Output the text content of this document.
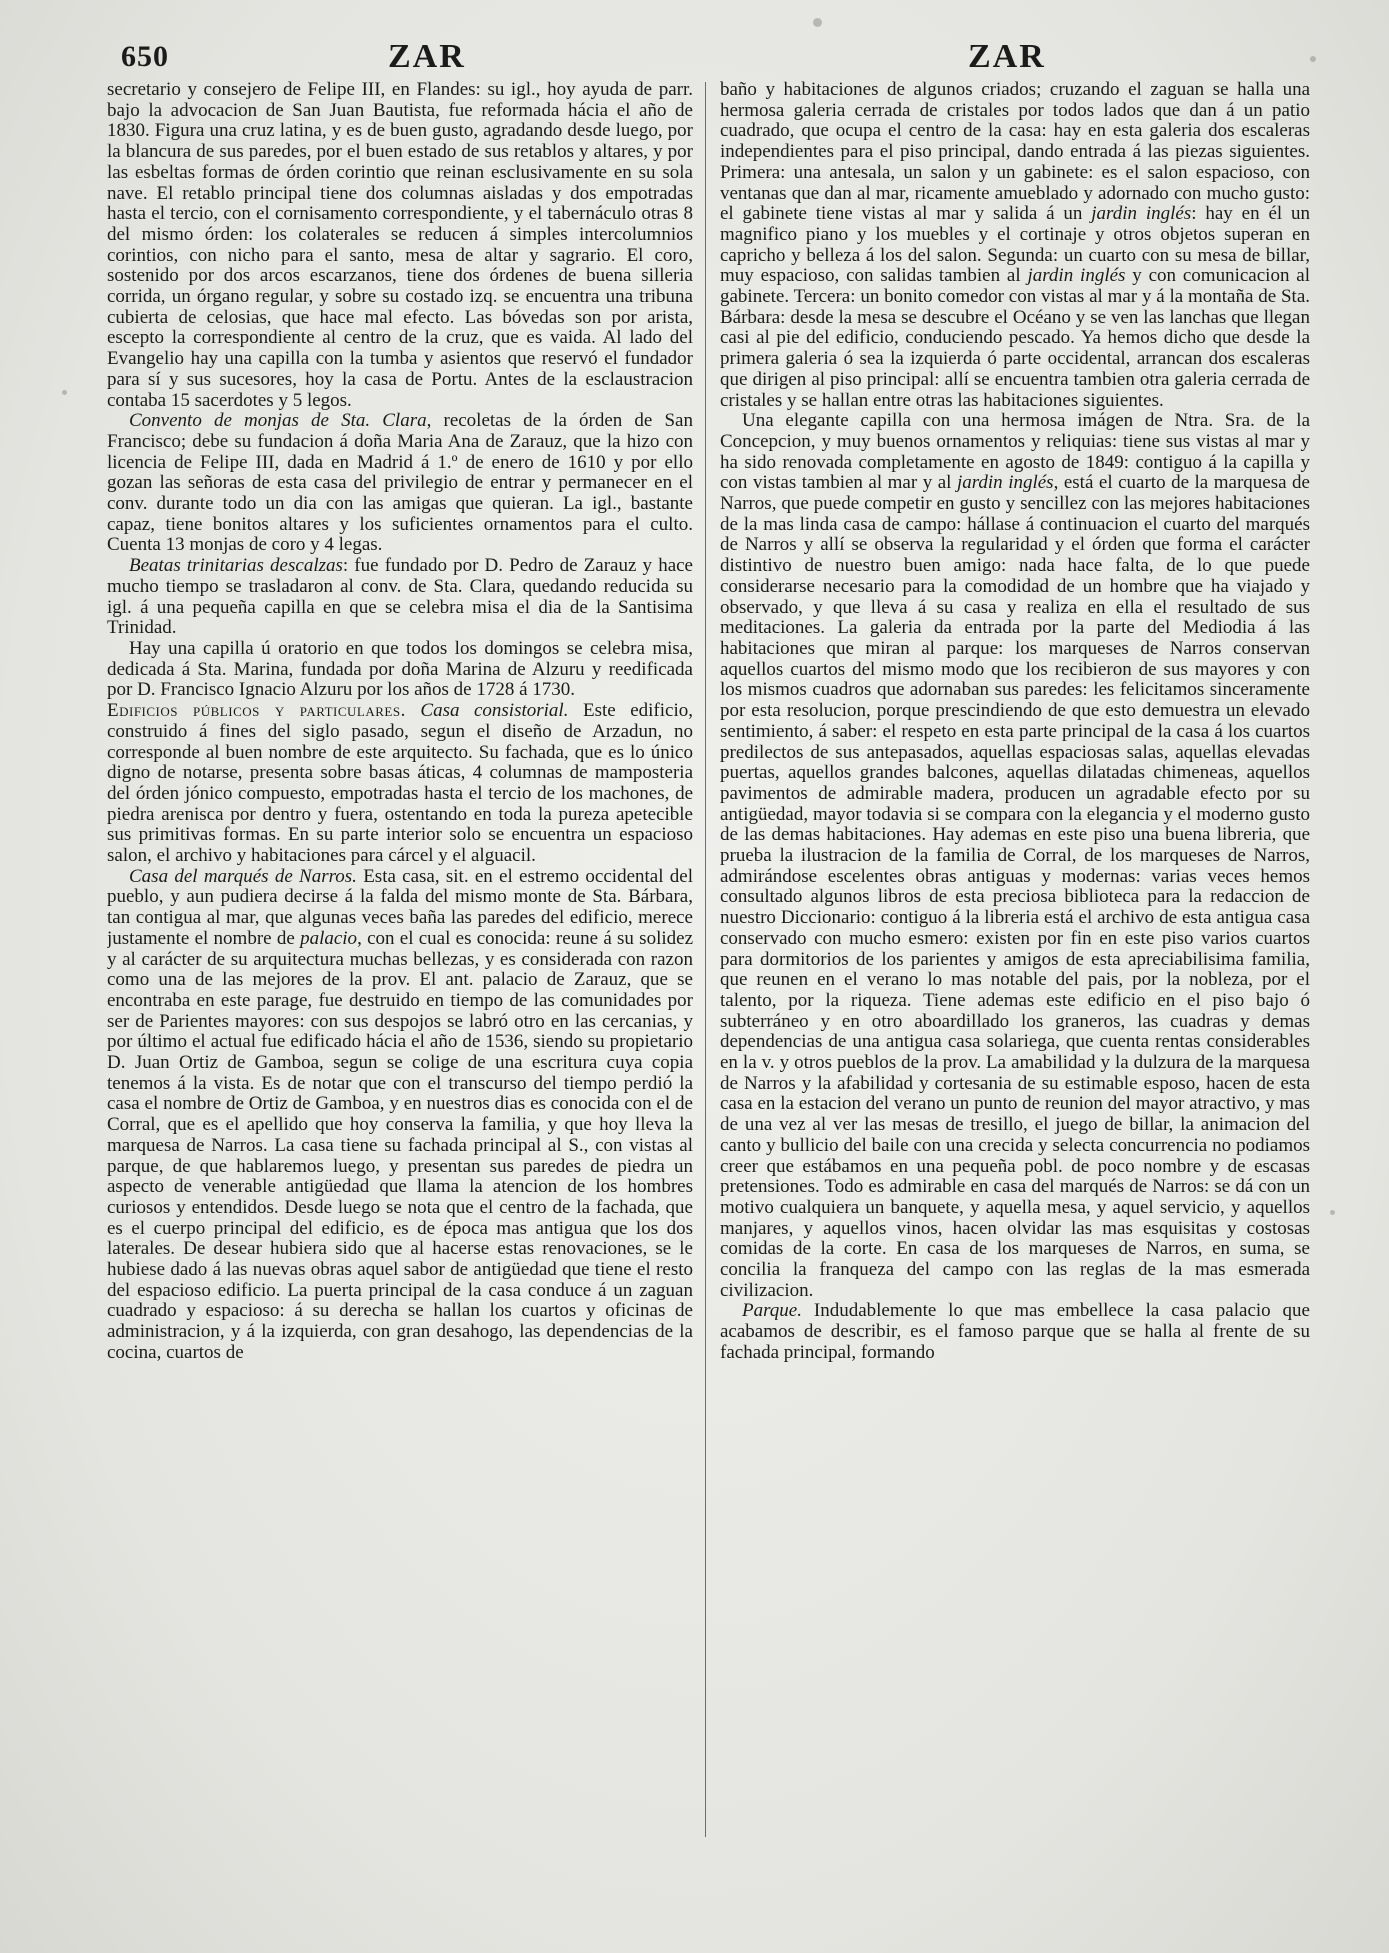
650	ZAR	ZAR

secretario y consejero de Felipe III, en Flandes: su igl., hoy ayuda de parr. bajo la advocacion de San Juan Bautista, fue reformada hácia el año de 1830. Figura una cruz latina, y es de buen gusto, agradando desde luego, por la blancura de sus paredes, por el buen estado de sus retablos y altares, y por las esbeltas formas de órden corintio que reinan esclusivamente en su sola nave. El retablo principal tiene dos columnas aisladas y dos empotradas hasta el tercio, con el cornisamento correspondiente, y el tabernáculo otras 8 del mismo órden: los colaterales se reducen á simples intercolumnios corintios, con nicho para el santo, mesa de altar y sagrario. El coro, sostenido por dos arcos escarzanos, tiene dos órdenes de buena silleria corrida, un órgano regular, y sobre su costado izq. se encuentra una tribuna cubierta de celosias, que hace mal efecto. Las bóvedas son por arista, escepto la correspondiente al centro de la cruz, que es vaida. Al lado del Evangelio hay una capilla con la tumba y asientos que reservó el fundador para sí y sus sucesores, hoy la casa de Portu. Antes de la esclaustracion contaba 15 sacerdotes y 5 legos.

Convento de monjas de Sta. Clara, recoletas de la órden de San Francisco; debe su fundacion á doña Maria Ana de Zarauz, que la hizo con licencia de Felipe III, dada en Madrid á 1.º de enero de 1610 y por ello gozan las señoras de esta casa del privilegio de entrar y permanecer en el conv. durante todo un dia con las amigas que quieran. La igl., bastante capaz, tiene bonitos altares y los suficientes ornamentos para el culto. Cuenta 13 monjas de coro y 4 legas.

Beatas trinitarias descalzas: fue fundado por D. Pedro de Zarauz y hace mucho tiempo se trasladaron al conv. de Sta. Clara, quedando reducida su igl. á una pequeña capilla en que se celebra misa el dia de la Santisima Trinidad.

Hay una capilla ú oratorio en que todos los domingos se celebra misa, dedicada á Sta. Marina, fundada por doña Marina de Alzuru y reedificada por D. Francisco Ignacio Alzuru por los años de 1728 á 1730.

Edificios públicos y particulares. Casa consistorial. Este edificio, construido á fines del siglo pasado, segun el diseño de Arzadun, no corresponde al buen nombre de este arquitecto. Su fachada, que es lo único digno de notarse, presenta sobre basas áticas, 4 columnas de mamposteria del órden jónico compuesto, empotradas hasta el tercio de los machones, de piedra arenisca por dentro y fuera, ostentando en toda la pureza apetecible sus primitivas formas. En su parte interior solo se encuentra un espacioso salon, el archivo y habitaciones para cárcel y el alguacil.

Casa del marqués de Narros. Esta casa, sit. en el estremo occidental del pueblo, y aun pudiera decirse á la falda del mismo monte de Sta. Bárbara, tan contigua al mar, que algunas veces baña las paredes del edificio, merece justamente el nombre de palacio, con el cual es conocida: reune á su solidez y al carácter de su arquitectura muchas bellezas, y es considerada con razon como una de las mejores de la prov. El ant. palacio de Zarauz, que se encontraba en este parage, fue destruido en tiempo de las comunidades por ser de Parientes mayores: con sus despojos se labró otro en las cercanias, y por último el actual fue edificado hácia el año de 1536, siendo su propietario D. Juan Ortiz de Gamboa, segun se colige de una escritura cuya copia tenemos á la vista. Es de notar que con el transcurso del tiempo perdió la casa el nombre de Ortiz de Gamboa, y en nuestros dias es conocida con el de Corral, que es el apellido que hoy conserva la familia, y que hoy lleva la marquesa de Narros. La casa tiene su fachada principal al S., con vistas al parque, de que hablaremos luego, y presentan sus paredes de piedra un aspecto de venerable antigüedad que llama la atencion de los hombres curiosos y entendidos. Desde luego se nota que el centro de la fachada, que es el cuerpo principal del edificio, es de época mas antigua que los dos laterales. De desear hubiera sido que al hacerse estas renovaciones, se le hubiese dado á las nuevas obras aquel sabor de antigüedad que tiene el resto del espacioso edificio. La puerta principal de la casa conduce á un zaguan cuadrado y espacioso: á su derecha se hallan los cuartos y oficinas de administracion, y á la izquierda, con gran desahogo, las dependencias de la cocina, cuartos de

baño y habitaciones de algunos criados; cruzando el zaguan se halla una hermosa galeria cerrada de cristales por todos lados que dan á un patio cuadrado, que ocupa el centro de la casa: hay en esta galeria dos escaleras independientes para el piso principal, dando entrada á las piezas siguientes. Primera: una antesala, un salon y un gabinete: es el salon espacioso, con ventanas que dan al mar, ricamente amueblado y adornado con mucho gusto: el gabinete tiene vistas al mar y salida á un jardin inglés: hay en él un magnifico piano y los muebles y el cortinaje y otros objetos superan en capricho y belleza á los del salon. Segunda: un cuarto con su mesa de billar, muy espacioso, con salidas tambien al jardin inglés y con comunicacion al gabinete. Tercera: un bonito comedor con vistas al mar y á la montaña de Sta. Bárbara: desde la mesa se descubre el Océano y se ven las lanchas que llegan casi al pie del edificio, conduciendo pescado. Ya hemos dicho que desde la primera galeria ó sea la izquierda ó parte occidental, arrancan dos escaleras que dirigen al piso principal: allí se encuentra tambien otra galeria cerrada de cristales y se hallan entre otras las habitaciones siguientes.

Una elegante capilla con una hermosa imágen de Ntra. Sra. de la Concepcion, y muy buenos ornamentos y reliquias: tiene sus vistas al mar y ha sido renovada completamente en agosto de 1849: contiguo á la capilla y con vistas tambien al mar y al jardin inglés, está el cuarto de la marquesa de Narros, que puede competir en gusto y sencillez con las mejores habitaciones de la mas linda casa de campo: hállase á continuacion el cuarto del marqués de Narros y allí se observa la regularidad y el órden que forma el carácter distintivo de nuestro buen amigo: nada hace falta, de lo que puede considerarse necesario para la comodidad de un hombre que ha viajado y observado, y que lleva á su casa y realiza en ella el resultado de sus meditaciones. La galeria da entrada por la parte del Mediodia á las habitaciones que miran al parque: los marqueses de Narros conservan aquellos cuartos del mismo modo que los recibieron de sus mayores y con los mismos cuadros que adornaban sus paredes: les felicitamos sinceramente por esta resolucion, porque prescindiendo de que esto demuestra un elevado sentimiento, á saber: el respeto en esta parte principal de la casa á los cuartos predilectos de sus antepasados, aquellas espaciosas salas, aquellas elevadas puertas, aquellos grandes balcones, aquellas dilatadas chimeneas, aquellos pavimentos de admirable madera, producen un agradable efecto por su antigüedad, mayor todavia si se compara con la elegancia y el moderno gusto de las demas habitaciones. Hay ademas en este piso una buena libreria, que prueba la ilustracion de la familia de Corral, de los marqueses de Narros, admirándose escelentes obras antiguas y modernas: varias veces hemos consultado algunos libros de esta preciosa biblioteca para la redaccion de nuestro Diccionario: contiguo á la libreria está el archivo de esta antigua casa conservado con mucho esmero: existen por fin en este piso varios cuartos para dormitorios de los parientes y amigos de esta apreciabilisima familia, que reunen en el verano lo mas notable del pais, por la nobleza, por el talento, por la riqueza. Tiene ademas este edificio en el piso bajo ó subterráneo y en otro aboardillado los graneros, las cuadras y demas dependencias de una antigua casa solariega, que cuenta rentas considerables en la v. y otros pueblos de la prov. La amabilidad y la dulzura de la marquesa de Narros y la afabilidad y cortesania de su estimable esposo, hacen de esta casa en la estacion del verano un punto de reunion del mayor atractivo, y mas de una vez al ver las mesas de tresillo, el juego de billar, la animacion del canto y bullicio del baile con una crecida y selecta concurrencia no podiamos creer que estábamos en una pequeña pobl. de poco nombre y de escasas pretensiones. Todo es admirable en casa del marqués de Narros: se dá con un motivo cualquiera un banquete, y aquella mesa, y aquel servicio, y aquellos manjares, y aquellos vinos, hacen olvidar las mas esquisitas y costosas comidas de la corte. En casa de los marqueses de Narros, en suma, se concilia la franqueza del campo con las reglas de la mas esmerada civilizacion.

Parque. Indudablemente lo que mas embellece la casa palacio que acabamos de describir, es el famoso parque que se halla al frente de su fachada principal, formando
